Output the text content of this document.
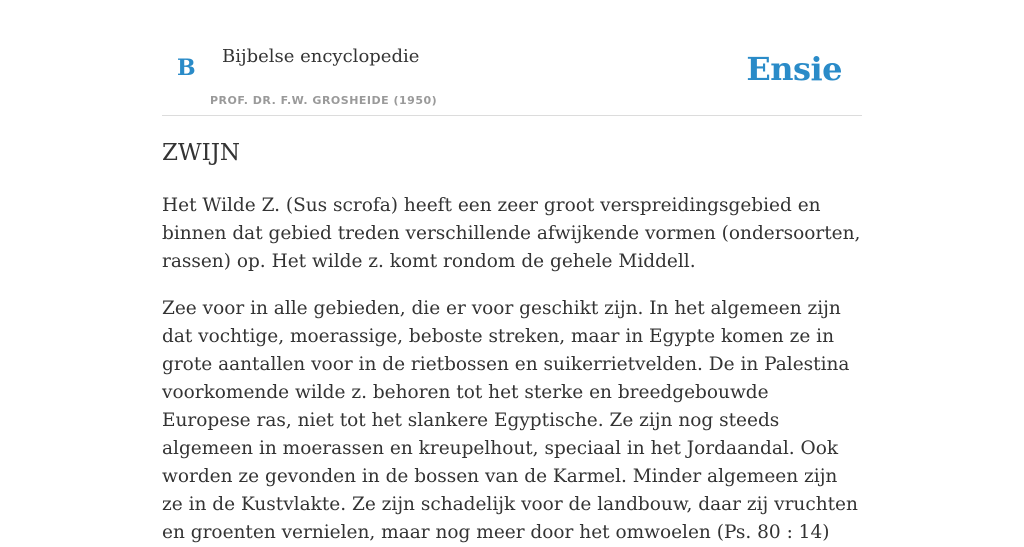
B Bijbelse encyclopedie
PROF. DR. F.W. GROSHEIDE (1950)
Ensie
ZWIJN

Het Wilde Z. (Sus scrofa) heeft een zeer groot verspreidingsgebied en binnen dat gebied treden verschillende afwijkende vormen (ondersoorten, rassen) op. Het wilde z. komt rondom de gehele Middell.

Zee voor in alle gebieden, die er voor geschikt zijn. In het algemeen zijn dat vochtige, moerassige, beboste streken, maar in Egypte komen ze in grote aantallen voor in de rietbossen en suikerrietvelden. De in Palestina voorkomende wilde z. behoren tot het sterke en breedgebouwde Europese ras, niet tot het slankere Egyptische. Ze zijn nog steeds algemeen in moerassen en kreupelhout, speciaal in het Jordaandal. Ook worden ze gevonden in de bossen van de Karmel. Minder algemeen zijn ze in de Kustvlakte. Ze zijn schadelijk voor de landbouw, daar zij vruchten en groenten vernielen, maar nog meer door het omwoelen (Ps. 80 : 14)
